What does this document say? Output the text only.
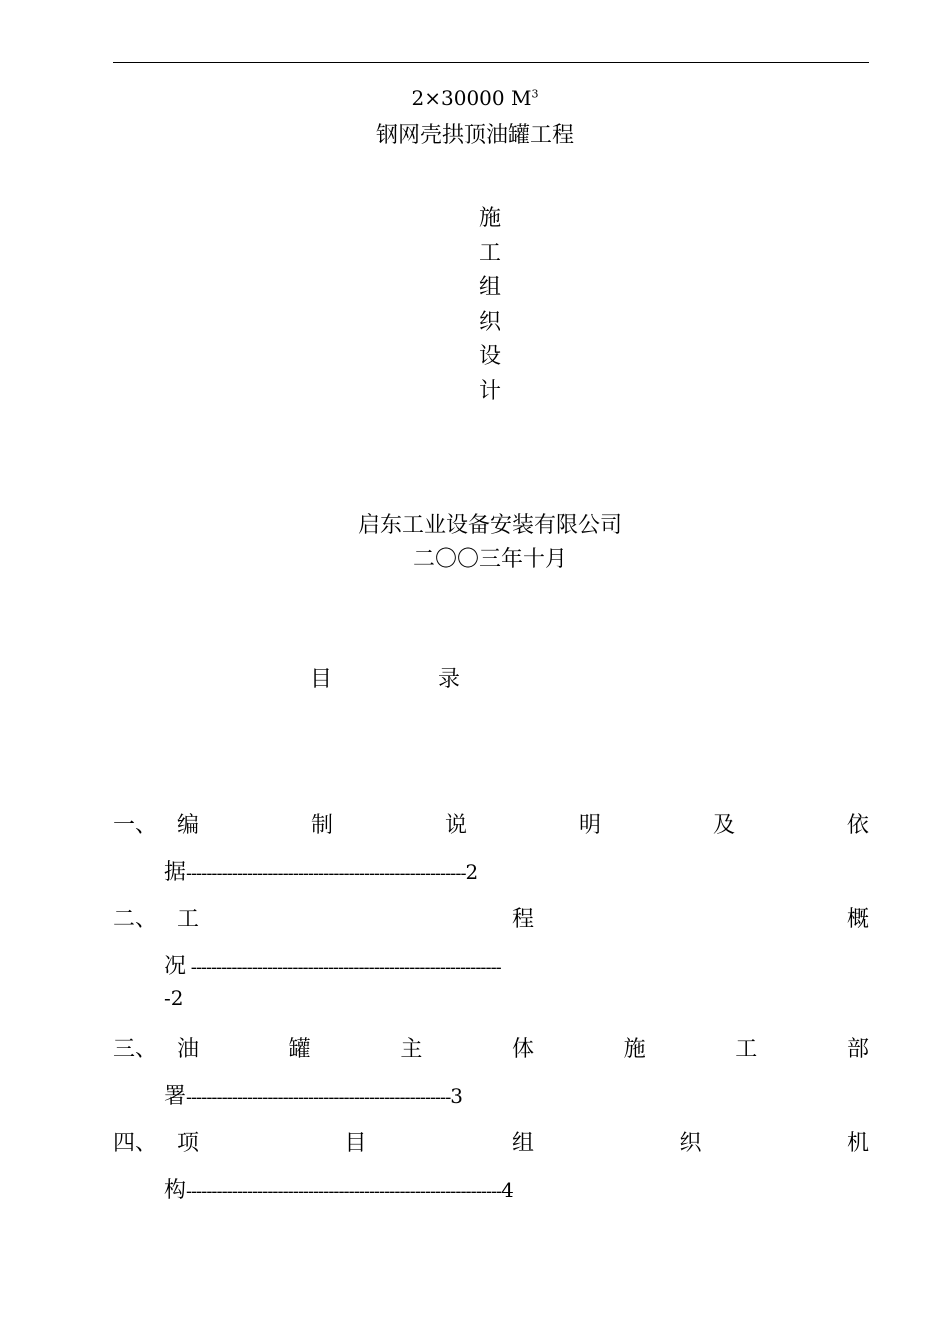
2×30000 $M^3$
钢网壳拱顶油罐工程
施
工
组
织
设
计
启东工业设备安装有限公司
二〇〇三年十月
目	录
一、 编	制	说	明	及	依
据-------------------------------------------------------2
二、 工	程	概
况 -------------------------------------------------------------
-2
三、 油	罐	主	体	施	工	部
署----------------------------------------------------3
四、 项	目	组	织	机
构--------------------------------------------------------------4
